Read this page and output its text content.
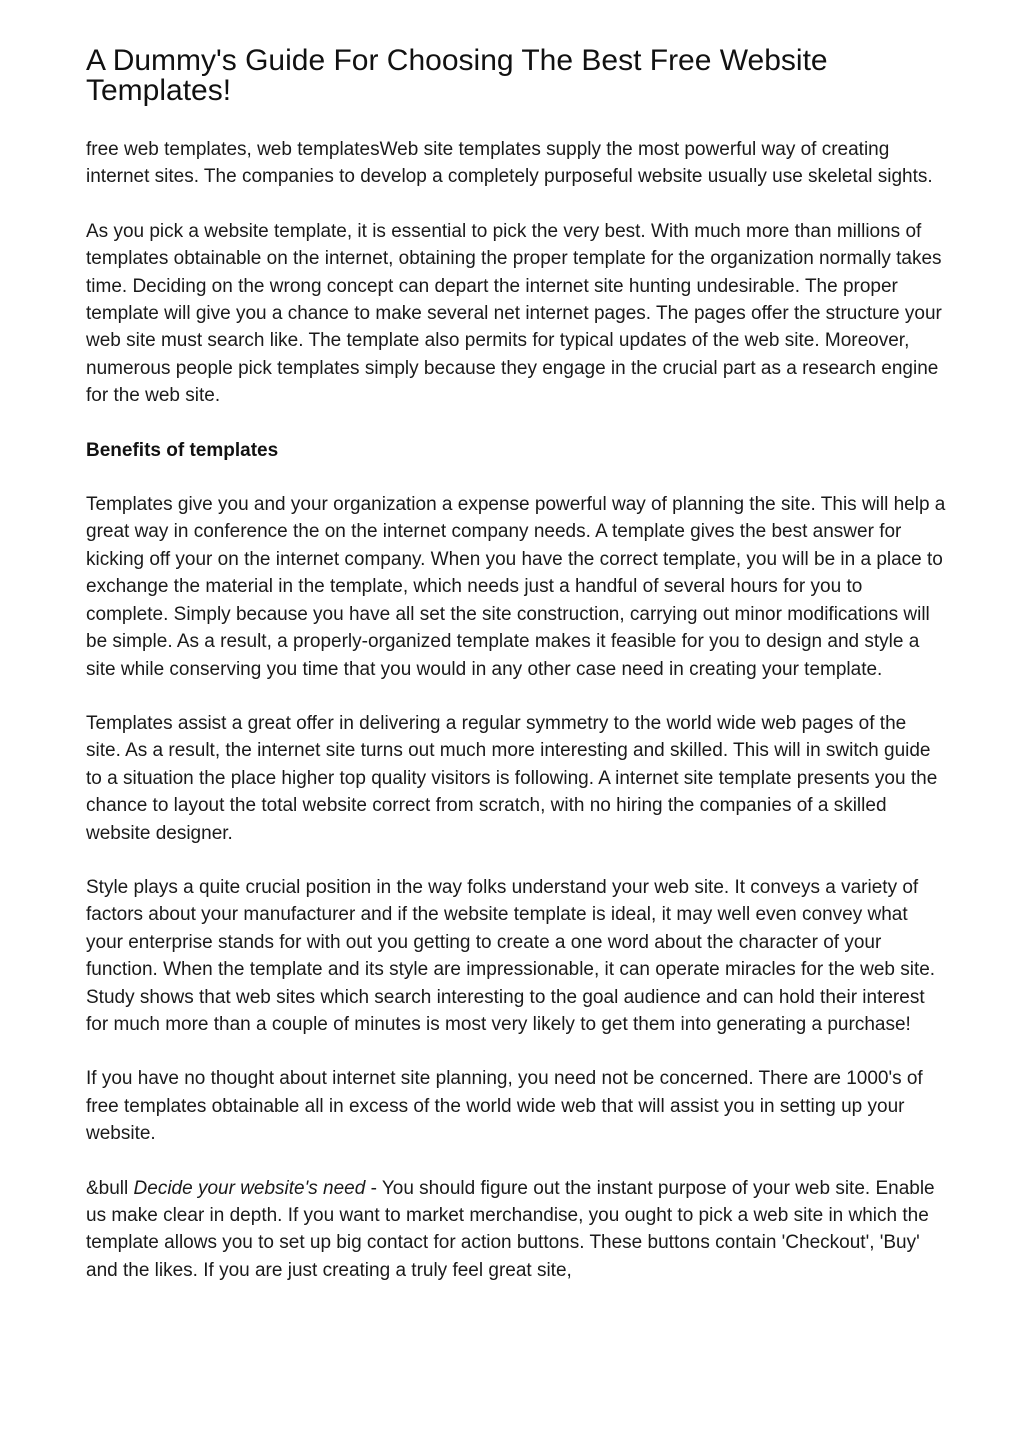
A Dummy's Guide For Choosing The Best Free Website Templates!

free web templates, web templatesWeb site templates supply the most powerful way of creating internet sites. The companies to develop a completely purposeful website usually use skeletal sights.

As you pick a website template, it is essential to pick the very best. With much more than millions of templates obtainable on the internet, obtaining the proper template for the organization normally takes time. Deciding on the wrong concept can depart the internet site hunting undesirable. The proper template will give you a chance to make several net internet pages. The pages offer the structure your web site must search like. The template also permits for typical updates of the web site. Moreover, numerous people pick templates simply because they engage in the crucial part as a research engine for the web site.

Benefits of templates

Templates give you and your organization a expense powerful way of planning the site. This will help a great way in conference the on the internet company needs. A template gives the best answer for kicking off your on the internet company. When you have the correct template, you will be in a place to exchange the material in the template, which needs just a handful of several hours for you to complete. Simply because you have all set the site construction, carrying out minor modifications will be simple. As a result, a properly-organized template makes it feasible for you to design and style a site while conserving you time that you would in any other case need in creating your template.

Templates assist a great offer in delivering a regular symmetry to the world wide web pages of the site. As a result, the internet site turns out much more interesting and skilled. This will in switch guide to a situation the place higher top quality visitors is following. A internet site template presents you the chance to layout the total website correct from scratch, with no hiring the companies of a skilled website designer.

Style plays a quite crucial position in the way folks understand your web site. It conveys a variety of factors about your manufacturer and if the website template is ideal, it may well even convey what your enterprise stands for with out you getting to create a one word about the character of your function. When the template and its style are impressionable, it can operate miracles for the web site. Study shows that web sites which search interesting to the goal audience and can hold their interest for much more than a couple of minutes is most very likely to get them into generating a purchase!

If you have no thought about internet site planning, you need not be concerned. There are 1000's of free templates obtainable all in excess of the world wide web that will assist you in setting up your website.

&bull Decide your website's need - You should figure out the instant purpose of your web site. Enable us make clear in depth. If you want to market merchandise, you ought to pick a web site in which the template allows you to set up big contact for action buttons. These buttons contain 'Checkout', 'Buy' and the likes. If you are just creating a truly feel great site,
